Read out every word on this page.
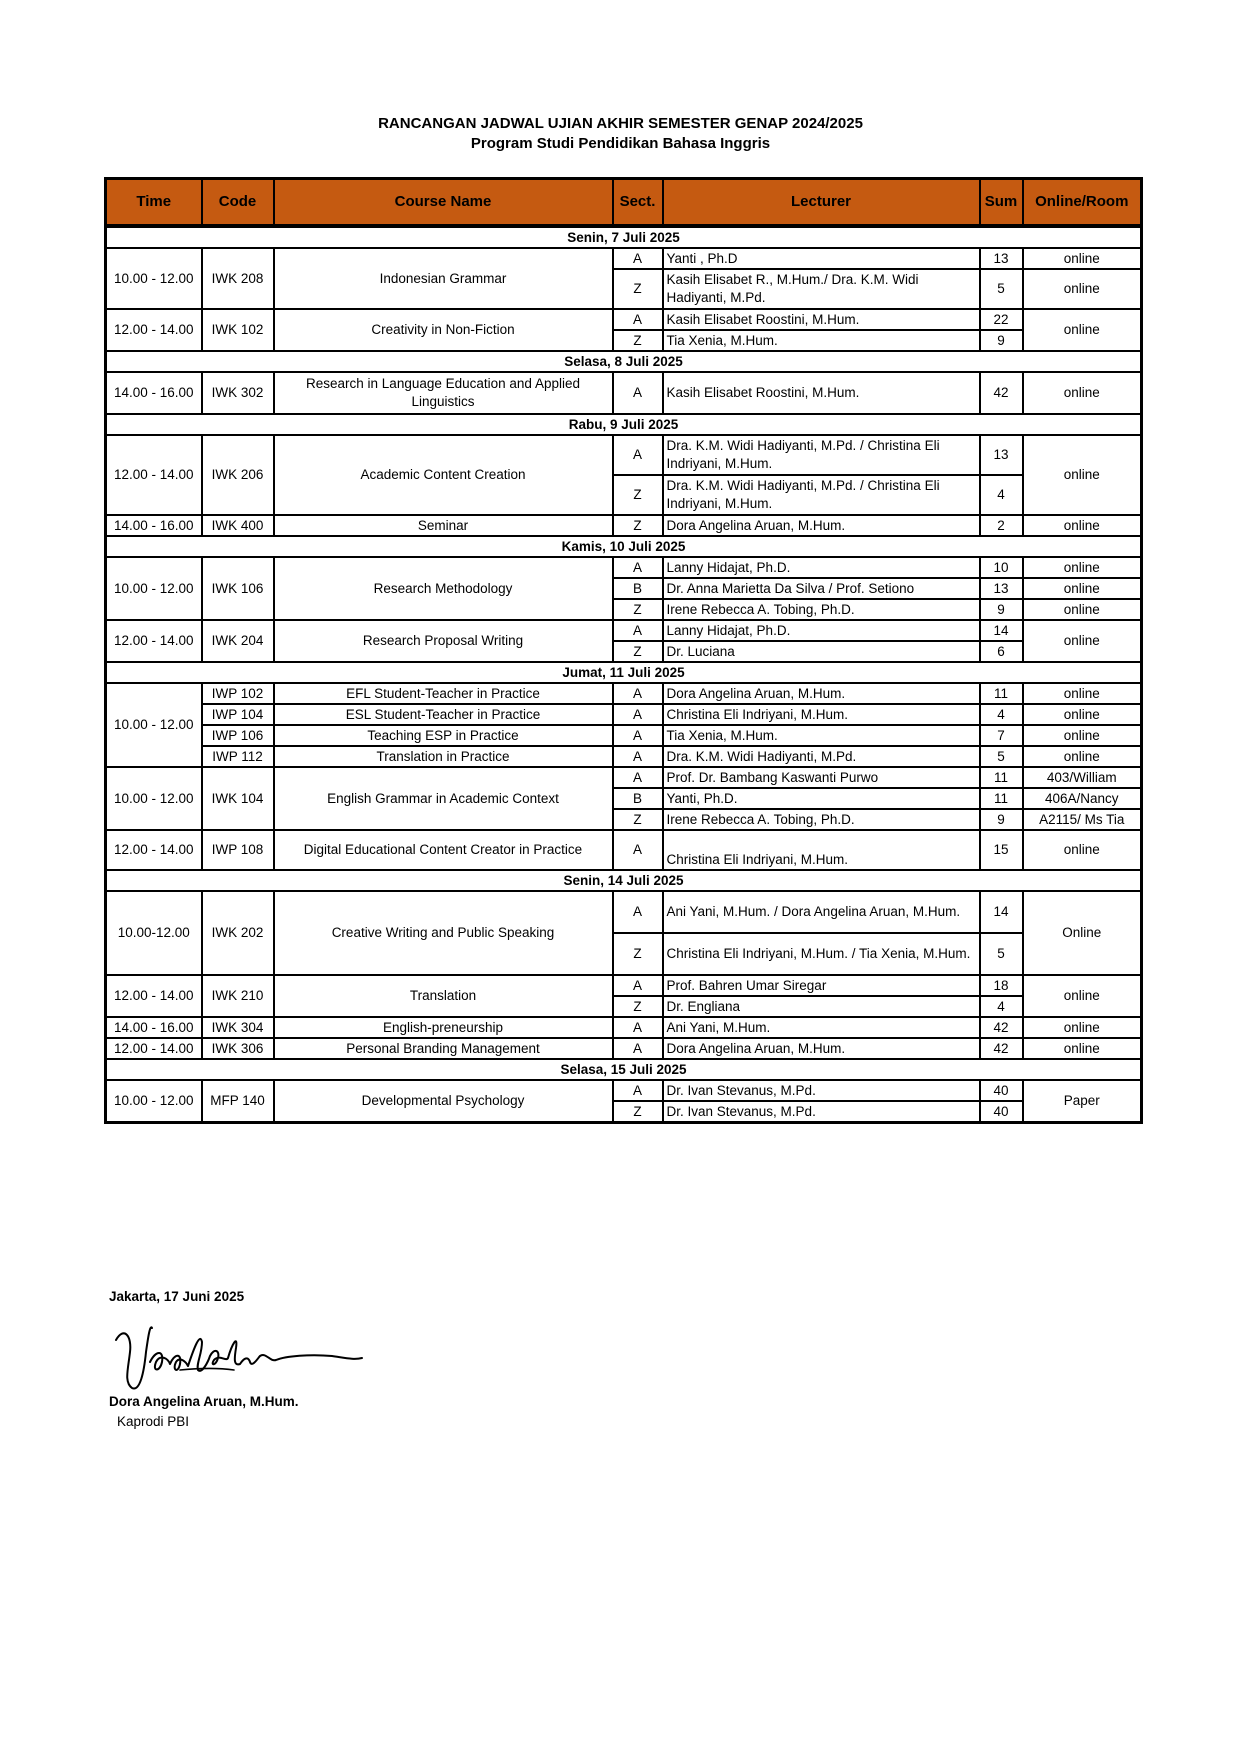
RANCANGAN JADWAL UJIAN AKHIR SEMESTER GENAP 2024/2025
Program Studi Pendidikan Bahasa Inggris
Time	Code	Course Name	Sect.	Lecturer	Sum	Online/Room
Senin, 7 Juli 2025						
10.00 - 12.00	IWK 208	Indonesian Grammar	A	Yanti , Ph.D	13	online
			Z	Kasih Elisabet R., M.Hum./ Dra. K.M. Widi Hadiyanti, M.Pd.	5	online
12.00 - 14.00	IWK 102	Creativity in Non-Fiction	A	Kasih Elisabet Roostini, M.Hum.	22	online
			Z	Tia Xenia, M.Hum.	9	
Selasa, 8 Juli 2025						
14.00 - 16.00	IWK 302	Research in Language Education and Applied Linguistics	A	Kasih Elisabet Roostini, M.Hum.	42	online
Rabu, 9 Juli 2025						
12.00 - 14.00	IWK 206	Academic Content Creation	A	Dra. K.M. Widi Hadiyanti, M.Pd. / Christina Eli Indriyani, M.Hum.	13	online
			Z	Dra. K.M. Widi Hadiyanti, M.Pd. / Christina Eli Indriyani, M.Hum.	4	
14.00 - 16.00	IWK 400	Seminar	Z	Dora Angelina Aruan, M.Hum.	2	online
Kamis, 10 Juli 2025						
10.00 - 12.00	IWK 106	Research Methodology	A	Lanny Hidajat, Ph.D.	10	online
			B	Dr. Anna Marietta Da Silva / Prof. Setiono	13	online
			Z	Irene Rebecca A. Tobing, Ph.D.	9	online
12.00 - 14.00	IWK 204	Research Proposal Writing	A	Lanny Hidajat, Ph.D.	14	online
			Z	Dr. Luciana	6	
Jumat, 11 Juli 2025						
10.00 - 12.00	IWP 102	EFL Student-Teacher in Practice	A	Dora Angelina Aruan, M.Hum.	11	online
	IWP 104	ESL Student-Teacher in Practice	A	Christina Eli Indriyani, M.Hum.	4	online
	IWP 106	Teaching ESP in Practice	A	Tia Xenia, M.Hum.	7	online
	IWP 112	Translation in Practice	A	Dra. K.M. Widi Hadiyanti, M.Pd.	5	online
10.00 - 12.00	IWK 104	English Grammar in Academic Context	A	Prof. Dr. Bambang Kaswanti Purwo	11	403/William
			B	Yanti, Ph.D.	11	406A/Nancy
			Z	Irene Rebecca A. Tobing, Ph.D.	9	A2115/ Ms Tia
12.00 - 14.00	IWP 108	Digital Educational Content Creator in Practice	A	Christina Eli Indriyani, M.Hum.	15	online
Senin, 14 Juli 2025						
10.00-12.00	IWK 202	Creative Writing and Public Speaking	A	Ani Yani, M.Hum. / Dora Angelina Aruan, M.Hum.	14	Online
			Z	Christina Eli Indriyani, M.Hum. / Tia Xenia, M.Hum.	5	
12.00 - 14.00	IWK 210	Translation	A	Prof. Bahren Umar Siregar	18	online
			Z	Dr. Engliana	4	
14.00 - 16.00	IWK 304	English-preneurship	A	Ani Yani, M.Hum.	42	online
12.00 - 14.00	IWK 306	Personal Branding Management	A	Dora Angelina Aruan, M.Hum.	42	online
Selasa, 15 Juli 2025						
10.00 - 12.00	MFP 140	Developmental Psychology	A	Dr. Ivan Stevanus, M.Pd.	40	Paper
			Z	Dr. Ivan Stevanus, M.Pd.	40	
Jakarta, 17 Juni 2025
Dora Angelina Aruan, M.Hum.
Kaprodi PBI
